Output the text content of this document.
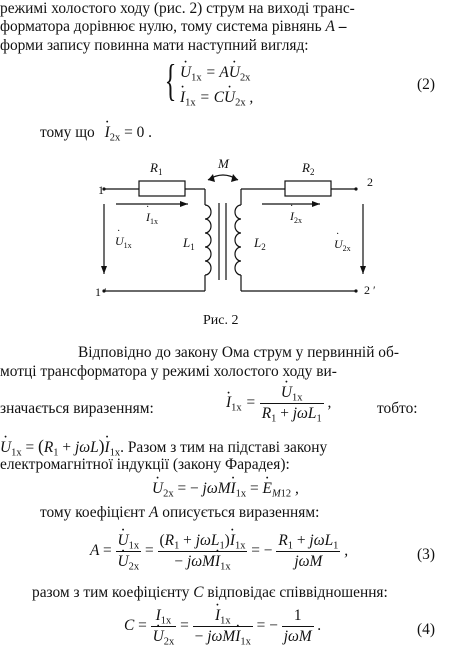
режимі холостого ходу (рис. 2) струм на виході транс-
форматора дорівнює нулю, тому система рівнянь A –
форми запису повинна мати наступний вигляд:
{ · $U_{1x} = A\cdot U_{2x}$
· $I_{1x} = C\cdot U_{2x}$ ,
(2)
тому що · $I_{2x} = 0$ .
$R_1$	$R_2$
M
$L_1$	$L_2$
1
1 ′
2
2 ′
$I_{1x}$
·
$U_{1x}$
·
$I_{2x}$
·
$U_{2x}$
·
Рис. 2
Відповідно до закону Ома струм у первинній об-
мотці трансформатора у режимі холостого ходу ви-
значається виразенням:	· $I_{1x}$ = · $\frac{U_{1x}}{R_1 + j\omega L_1}$ ,	тобто:
· $U_{1x} = (R_1 + j\omega L)\cdot I_{1x}$. Разом з тим на підставі закону
електромагнітної індукції (закону Фарадея):
· $U_{2x}$ = − $j\omega M\cdot I_{1x}$ = · $E_{M12}$ ,
тому коефіцієнт A описується виразенням:
A = · $U_{1x}$
· $U_{2x} = \frac{(R_1 + j\omega L_1)\cdot I_{1x}}{- j\omega M\cdot I_{1x}}$ = − $\frac{R_1 + j\omega L_1}{\text{jωM}}$ ,	(3)
разом з тим коефіцієнту C відповідає співвідношення:
$C = I_{1x}$
· $U_{2x}$ = · $\frac{I_{1x}}{- j\omega M\cdot I_{1x}}$ = − $\frac{1}{\text{jωM}}$ .	(4)
